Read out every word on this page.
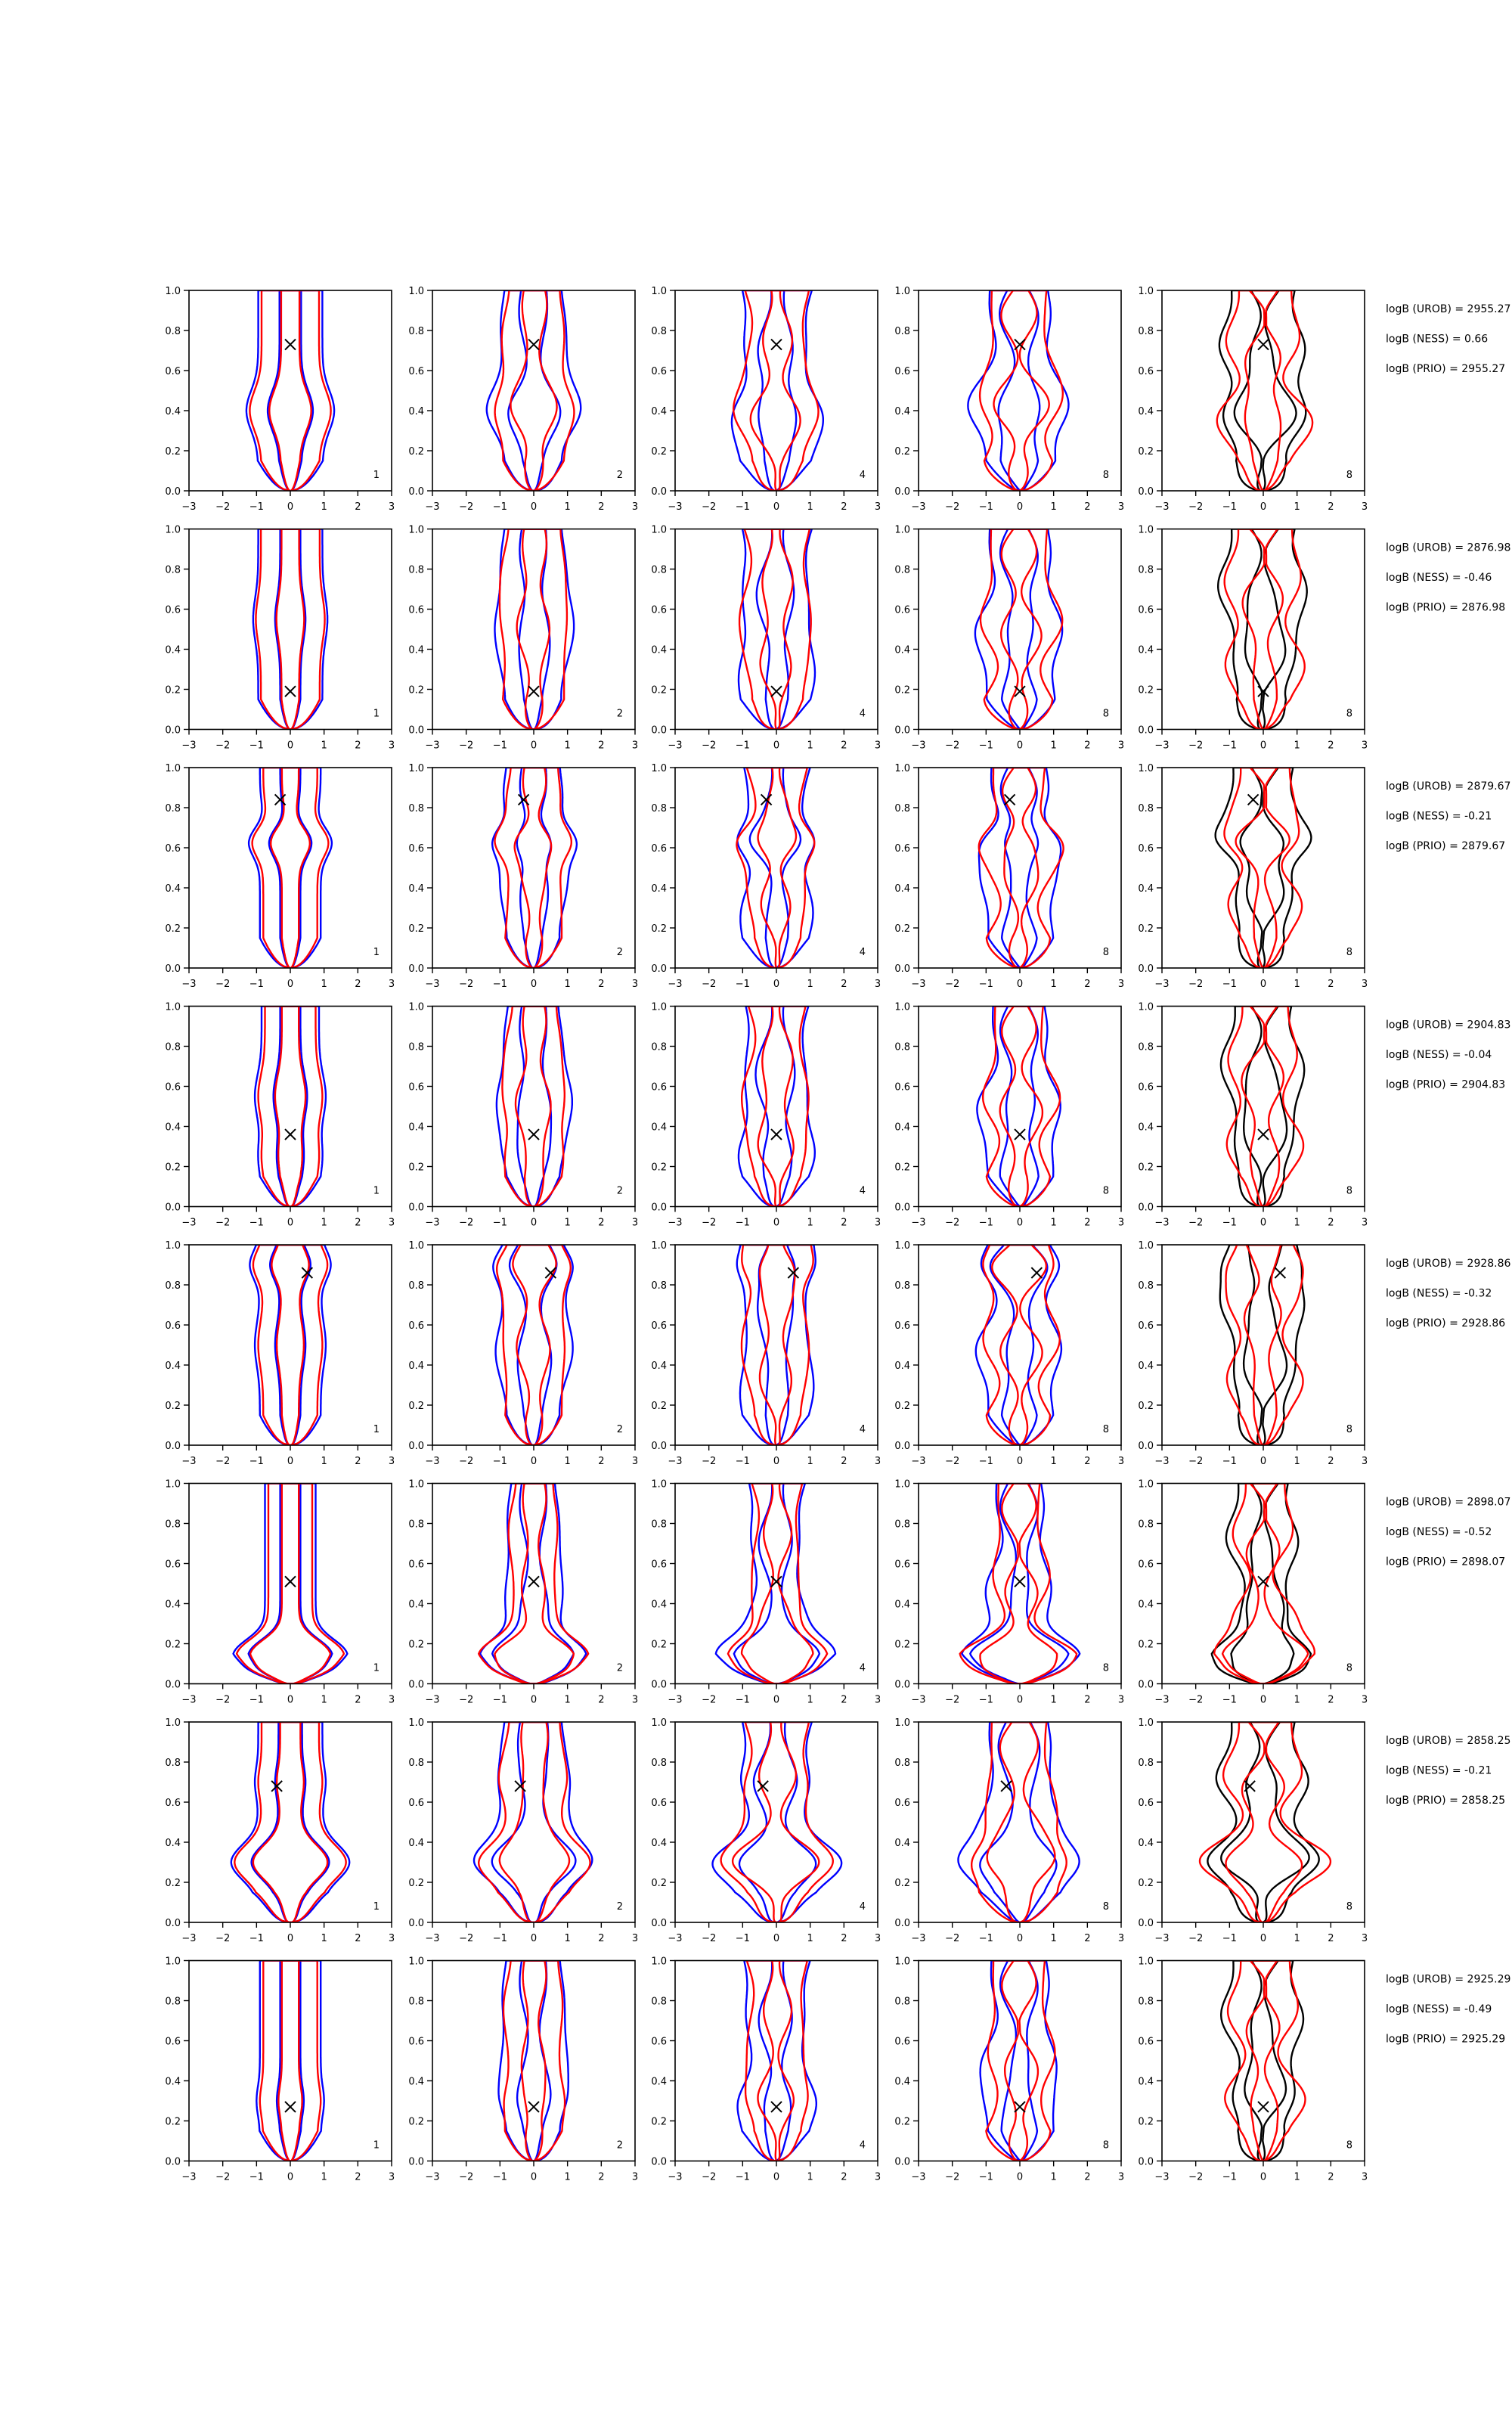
−3 −2 −1 0	1	2	3
0.0
0.2
0.4
0.6
0.8
1.0
1
−3 −2 −1 0	1	2	3
0.0
0.2
0.4
0.6
0.8
1.0
2
−3 −2 −1 0	1	2	3
0.0
0.2
0.4
0.6
0.8
1.0
4
−3 −2 −1 0	1	2	3
0.0
0.2
0.4
0.6
0.8
1.0
8
−3 −2 −1 0	1	2	3
0.0
0.2
0.4
0.6
0.8
1.0
8
logB (UROB) = 2955.27
logB (NESS) = 0.66
logB (PRIO) = 2955.27
−3 −2 −1 0	1	2	3
0.0
0.2
0.4
0.6
0.8
1.0
1
−3 −2 −1 0	1	2	3
0.0
0.2
0.4
0.6
0.8
1.0
2
−3 −2 −1 0	1	2	3
0.0
0.2
0.4
0.6
0.8
1.0
4
−3 −2 −1 0	1	2	3
0.0
0.2
0.4
0.6
0.8
1.0
8
−3 −2 −1 0	1	2	3
0.0
0.2
0.4
0.6
0.8
1.0
8
logB (UROB) = 2876.98
logB (NESS) = -0.46
logB (PRIO) = 2876.98
−3 −2 −1 0	1	2	3
0.0
0.2
0.4
0.6
0.8
1.0
1
−3 −2 −1 0	1	2	3
0.0
0.2
0.4
0.6
0.8
1.0
2
−3 −2 −1 0	1	2	3
0.0
0.2
0.4
0.6
0.8
1.0
4
−3 −2 −1 0	1	2	3
0.0
0.2
0.4
0.6
0.8
1.0
8
−3 −2 −1 0	1	2	3
0.0
0.2
0.4
0.6
0.8
1.0
8
logB (UROB) = 2879.67
logB (NESS) = -0.21
logB (PRIO) = 2879.67
−3 −2 −1 0	1	2	3
0.0
0.2
0.4
0.6
0.8
1.0
1
−3 −2 −1 0	1	2	3
0.0
0.2
0.4
0.6
0.8
1.0
2
−3 −2 −1 0	1	2	3
0.0
0.2
0.4
0.6
0.8
1.0
4
−3 −2 −1 0	1	2	3
0.0
0.2
0.4
0.6
0.8
1.0
8
−3 −2 −1 0	1	2	3
0.0
0.2
0.4
0.6
0.8
1.0
8
logB (UROB) = 2904.83
logB (NESS) = -0.04
logB (PRIO) = 2904.83
−3 −2 −1 0	1	2	3
0.0
0.2
0.4
0.6
0.8
1.0
1
−3 −2 −1 0	1	2	3
0.0
0.2
0.4
0.6
0.8
1.0
2
−3 −2 −1 0	1	2	3
0.0
0.2
0.4
0.6
0.8
1.0
4
−3 −2 −1 0	1	2	3
0.0
0.2
0.4
0.6
0.8
1.0
8
−3 −2 −1 0	1	2	3
0.0
0.2
0.4
0.6
0.8
1.0
8
logB (UROB) = 2928.86
logB (NESS) = -0.32
logB (PRIO) = 2928.86
−3 −2 −1 0	1	2	3
0.0
0.2
0.4
0.6
0.8
1.0
1
−3 −2 −1 0	1	2	3
0.0
0.2
0.4
0.6
0.8
1.0
2
−3 −2 −1 0	1	2	3
0.0
0.2
0.4
0.6
0.8
1.0
4
−3 −2 −1 0	1	2	3
0.0
0.2
0.4
0.6
0.8
1.0
8
−3 −2 −1 0	1	2	3
0.0
0.2
0.4
0.6
0.8
1.0
8
logB (UROB) = 2898.07
logB (NESS) = -0.52
logB (PRIO) = 2898.07
−3 −2 −1 0	1	2	3
0.0
0.2
0.4
0.6
0.8
1.0
1
−3 −2 −1 0	1	2	3
0.0
0.2
0.4
0.6
0.8
1.0
2
−3 −2 −1 0	1	2	3
0.0
0.2
0.4
0.6
0.8
1.0
4
−3 −2 −1 0	1	2	3
0.0
0.2
0.4
0.6
0.8
1.0
8
−3 −2 −1 0	1	2	3
0.0
0.2
0.4
0.6
0.8
1.0
8
logB (UROB) = 2858.25
logB (NESS) = -0.21
logB (PRIO) = 2858.25
−3 −2 −1 0	1	2	3
0.0
0.2
0.4
0.6
0.8
1.0
1
−3 −2 −1 0	1	2	3
0.0
0.2
0.4
0.6
0.8
1.0
2
−3 −2 −1 0	1	2	3
0.0
0.2
0.4
0.6
0.8
1.0
4
−3 −2 −1 0	1	2	3
0.0
0.2
0.4
0.6
0.8
1.0
8
−3 −2 −1 0	1	2	3
0.0
0.2
0.4
0.6
0.8
1.0
8
logB (UROB) = 2925.29
logB (NESS) = -0.49
logB (PRIO) = 2925.29
